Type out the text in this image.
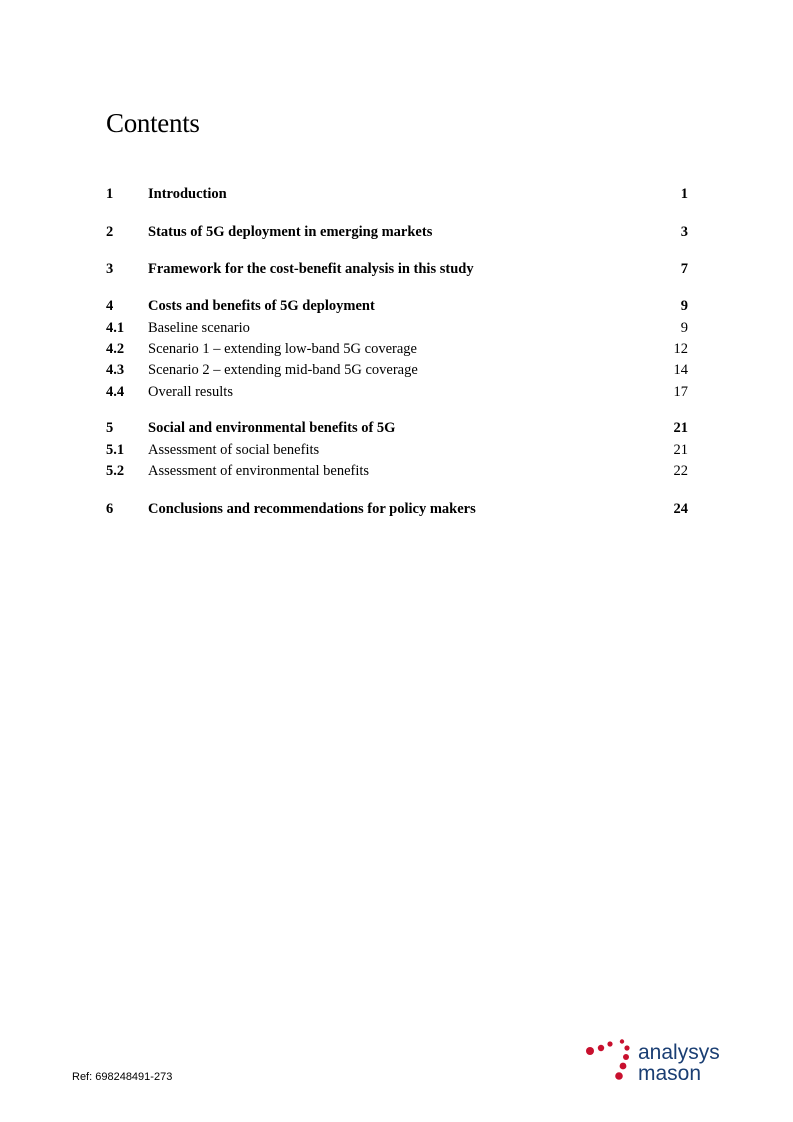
Contents
1 Introduction	1
2 Status of 5G deployment in emerging markets	3
3 Framework for the cost-benefit analysis in this study	7
4 Costs and benefits of 5G deployment	9
4.1 Baseline scenario	9
4.2 Scenario 1 – extending low-band 5G coverage	12
4.3 Scenario 2 – extending mid-band 5G coverage	14
4.4 Overall results	17
5 Social and environmental benefits of 5G	21
5.1 Assessment of social benefits	21
5.2 Assessment of environmental benefits	22
6 Conclusions and recommendations for policy makers	24
Ref: 698248491-273
analysys
mason
